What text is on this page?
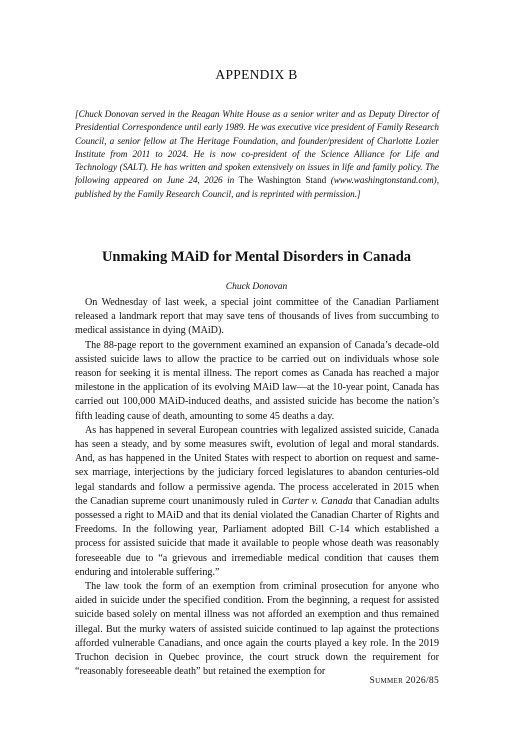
APPENDIX B

[Chuck Donovan served in the Reagan White House as a senior writer and as Deputy Director of Presidential Correspondence until early 1989. He was executive vice president of Family Research Council, a senior fellow at The Heritage Foundation, and founder/president of Charlotte Lozier Institute from 2011 to 2024. He is now co-president of the Science Alliance for Life and Technology (SALT). He has written and spoken extensively on issues in life and family policy. The following appeared on June 24, 2026 in The Washington Stand (www.washingtonstand.com), published by the Family Research Council, and is reprinted with permission.]

Unmaking MAiD for Mental Disorders in Canada
Chuck Donovan

On Wednesday of last week, a special joint committee of the Canadian Parliament released a landmark report that may save tens of thousands of lives from succumbing to medical assistance in dying (MAiD).

The 88-page report to the government examined an expansion of Canada’s decade-old assisted suicide laws to allow the practice to be carried out on individuals whose sole reason for seeking it is mental illness. The report comes as Canada has reached a major milestone in the application of its evolving MAiD law—at the 10-year point, Canada has carried out 100,000 MAiD-induced deaths, and assisted suicide has become the nation’s fifth leading cause of death, amounting to some 45 deaths a day.

As has happened in several European countries with legalized assisted suicide, Canada has seen a steady, and by some measures swift, evolution of legal and moral standards. And, as has happened in the United States with respect to abortion on request and same-sex marriage, interjections by the judiciary forced legislatures to abandon centuries-old legal standards and follow a permissive agenda. The process accelerated in 2015 when the Canadian supreme court unanimously ruled in Carter v. Canada that Canadian adults possessed a right to MAiD and that its denial violated the Canadian Charter of Rights and Freedoms. In the following year, Parliament adopted Bill C-14 which established a process for assisted suicide that made it available to people whose death was reasonably foreseeable due to “a grievous and irremediable medical condition that causes them enduring and intolerable suffering.”

The law took the form of an exemption from criminal prosecution for anyone who aided in suicide under the specified condition. From the beginning, a request for assisted suicide based solely on mental illness was not afforded an exemption and thus remained illegal. But the murky waters of assisted suicide continued to lap against the protections afforded vulnerable Canadians, and once again the courts played a key role. In the 2019 Truchon decision in Quebec province, the court struck down the requirement for “reasonably foreseeable death” but retained the exemption for

Summer 2026/85
